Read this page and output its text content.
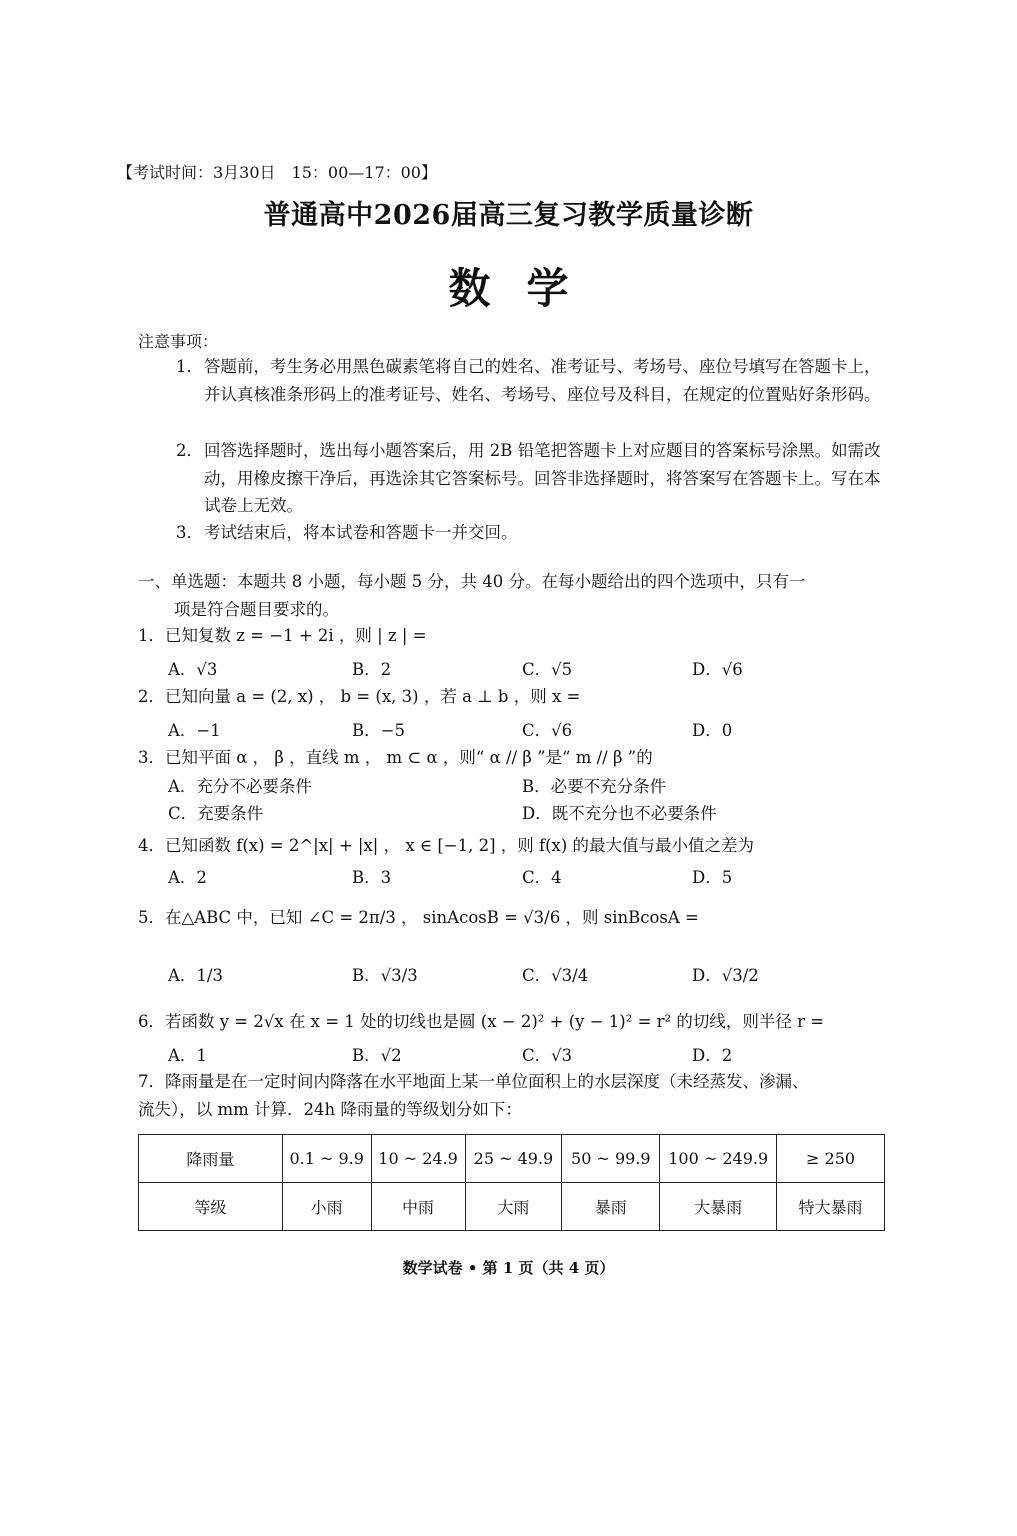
【考试时间：3月30日　15：00—17：00】
普通高中2026届高三复习教学质量诊断
数学
注意事项：
1． 答题前，考生务必用黑色碳素笔将自己的姓名、准考证号、考场号、座位号填写在答题卡上，并认真核准条形码上的准考证号、姓名、考场号、座位号及科目，在规定的位置贴好条形码。
2． 回答选择题时，选出每小题答案后，用 2B 铅笔把答题卡上对应题目的答案标号涂黑。如需改动，用橡皮擦干净后，再选涂其它答案标号。回答非选择题时，将答案写在答题卡上。写在本试卷上无效。
3． 考试结束后，将本试卷和答题卡一并交回。
一、单选题：本题共 8 小题，每小题 5 分，共 40 分。在每小题给出的四个选项中，只有一
项是符合题目要求的。
1．已知复数 z = −1 + 2i ，则 | z | =
A．√3	B．2	C．√5	D．√6
2．已知向量 a = (2, x) ， b = (x, 3) ，若 a ⊥ b ，则 x =
A．−1	B．−5	C．√6	D．0
3．已知平面 α ， β ，直线 m ， m ⊂ α ，则“ α // β ”是“ m // β ”的
A．充分不必要条件	B．必要不充分条件
C．充要条件	D．既不充分也不必要条件
4．已知函数 f(x) = 2^|x| + |x| ， x ∈ [−1, 2] ，则 f(x) 的最大值与最小值之差为
A．2	B．3	C．4	D．5
5．在△ABC 中，已知 ∠C = 2π/3 ， sinAcosB = √3/6 ，则 sinBcosA =
A．1/3	B．√3/3	C．√3/4	D．√3/2
6．若函数 y = 2√x 在 x = 1 处的切线也是圆 (x − 2)² + (y − 1)² = r² 的切线，则半径 r =
A．1	B．√2	C．√3	D．2
7．降雨量是在一定时间内降落在水平地面上某一单位面积上的水层深度（未经蒸发、渗漏、
流失），以 mm 计算．24h 降雨量的等级划分如下：
降雨量	0.1 ~ 9.9	10 ~ 24.9	25 ~ 49.9	50 ~ 99.9	100 ~ 249.9	≥ 250
等级	小雨	中雨	大雨	暴雨	大暴雨	特大暴雨
数学试卷 • 第 1 页（共 4 页）
